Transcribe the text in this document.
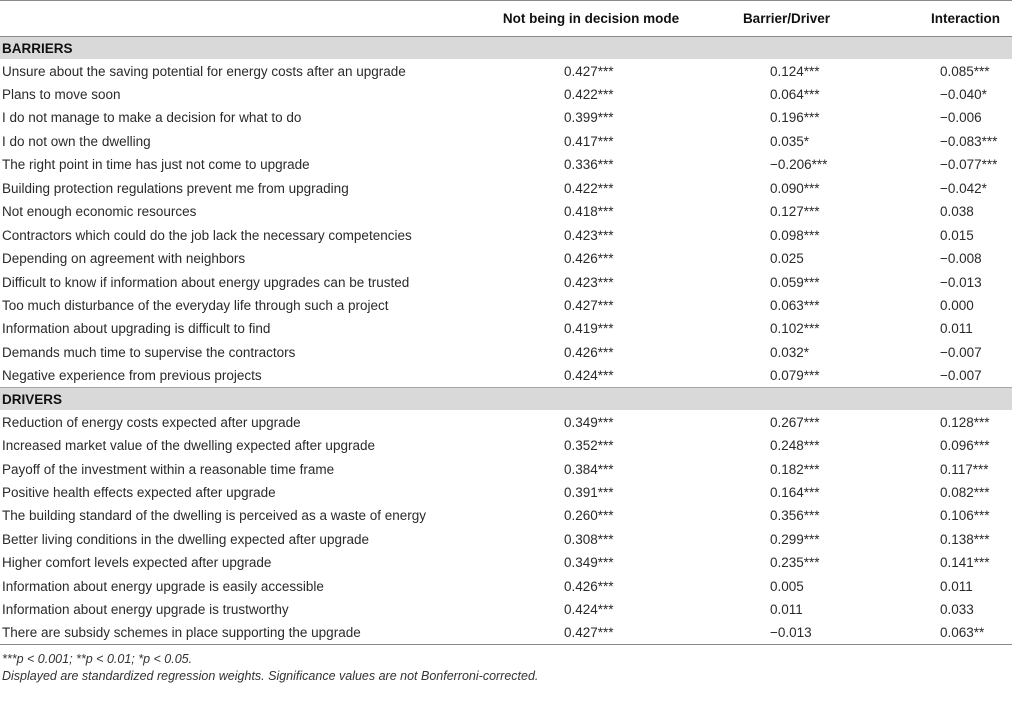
	Not being in decision mode	Barrier/Driver	Interaction
BARRIERS			
Unsure about the saving potential for energy costs after an upgrade	0.427***	0.124***	0.085***
Plans to move soon	0.422***	0.064***	−0.040*
I do not manage to make a decision for what to do	0.399***	0.196***	−0.006
I do not own the dwelling	0.417***	0.035*	−0.083***
The right point in time has just not come to upgrade	0.336***	−0.206***	−0.077***
Building protection regulations prevent me from upgrading	0.422***	0.090***	−0.042*
Not enough economic resources	0.418***	0.127***	0.038
Contractors which could do the job lack the necessary competencies	0.423***	0.098***	0.015
Depending on agreement with neighbors	0.426***	0.025	−0.008
Difficult to know if information about energy upgrades can be trusted	0.423***	0.059***	−0.013
Too much disturbance of the everyday life through such a project	0.427***	0.063***	0.000
Information about upgrading is difficult to find	0.419***	0.102***	0.011
Demands much time to supervise the contractors	0.426***	0.032*	−0.007
Negative experience from previous projects	0.424***	0.079***	−0.007
DRIVERS			
Reduction of energy costs expected after upgrade	0.349***	0.267***	0.128***
Increased market value of the dwelling expected after upgrade	0.352***	0.248***	0.096***
Payoff of the investment within a reasonable time frame	0.384***	0.182***	0.117***
Positive health effects expected after upgrade	0.391***	0.164***	0.082***
The building standard of the dwelling is perceived as a waste of energy	0.260***	0.356***	0.106***
Better living conditions in the dwelling expected after upgrade	0.308***	0.299***	0.138***
Higher comfort levels expected after upgrade	0.349***	0.235***	0.141***
Information about energy upgrade is easily accessible	0.426***	0.005	0.011
Information about energy upgrade is trustworthy	0.424***	0.011	0.033
There are subsidy schemes in place supporting the upgrade	0.427***	−0.013	0.063**
***p < 0.001; **p < 0.01; *p < 0.05.
Displayed are standardized regression weights. Significance values are not Bonferroni-corrected.
